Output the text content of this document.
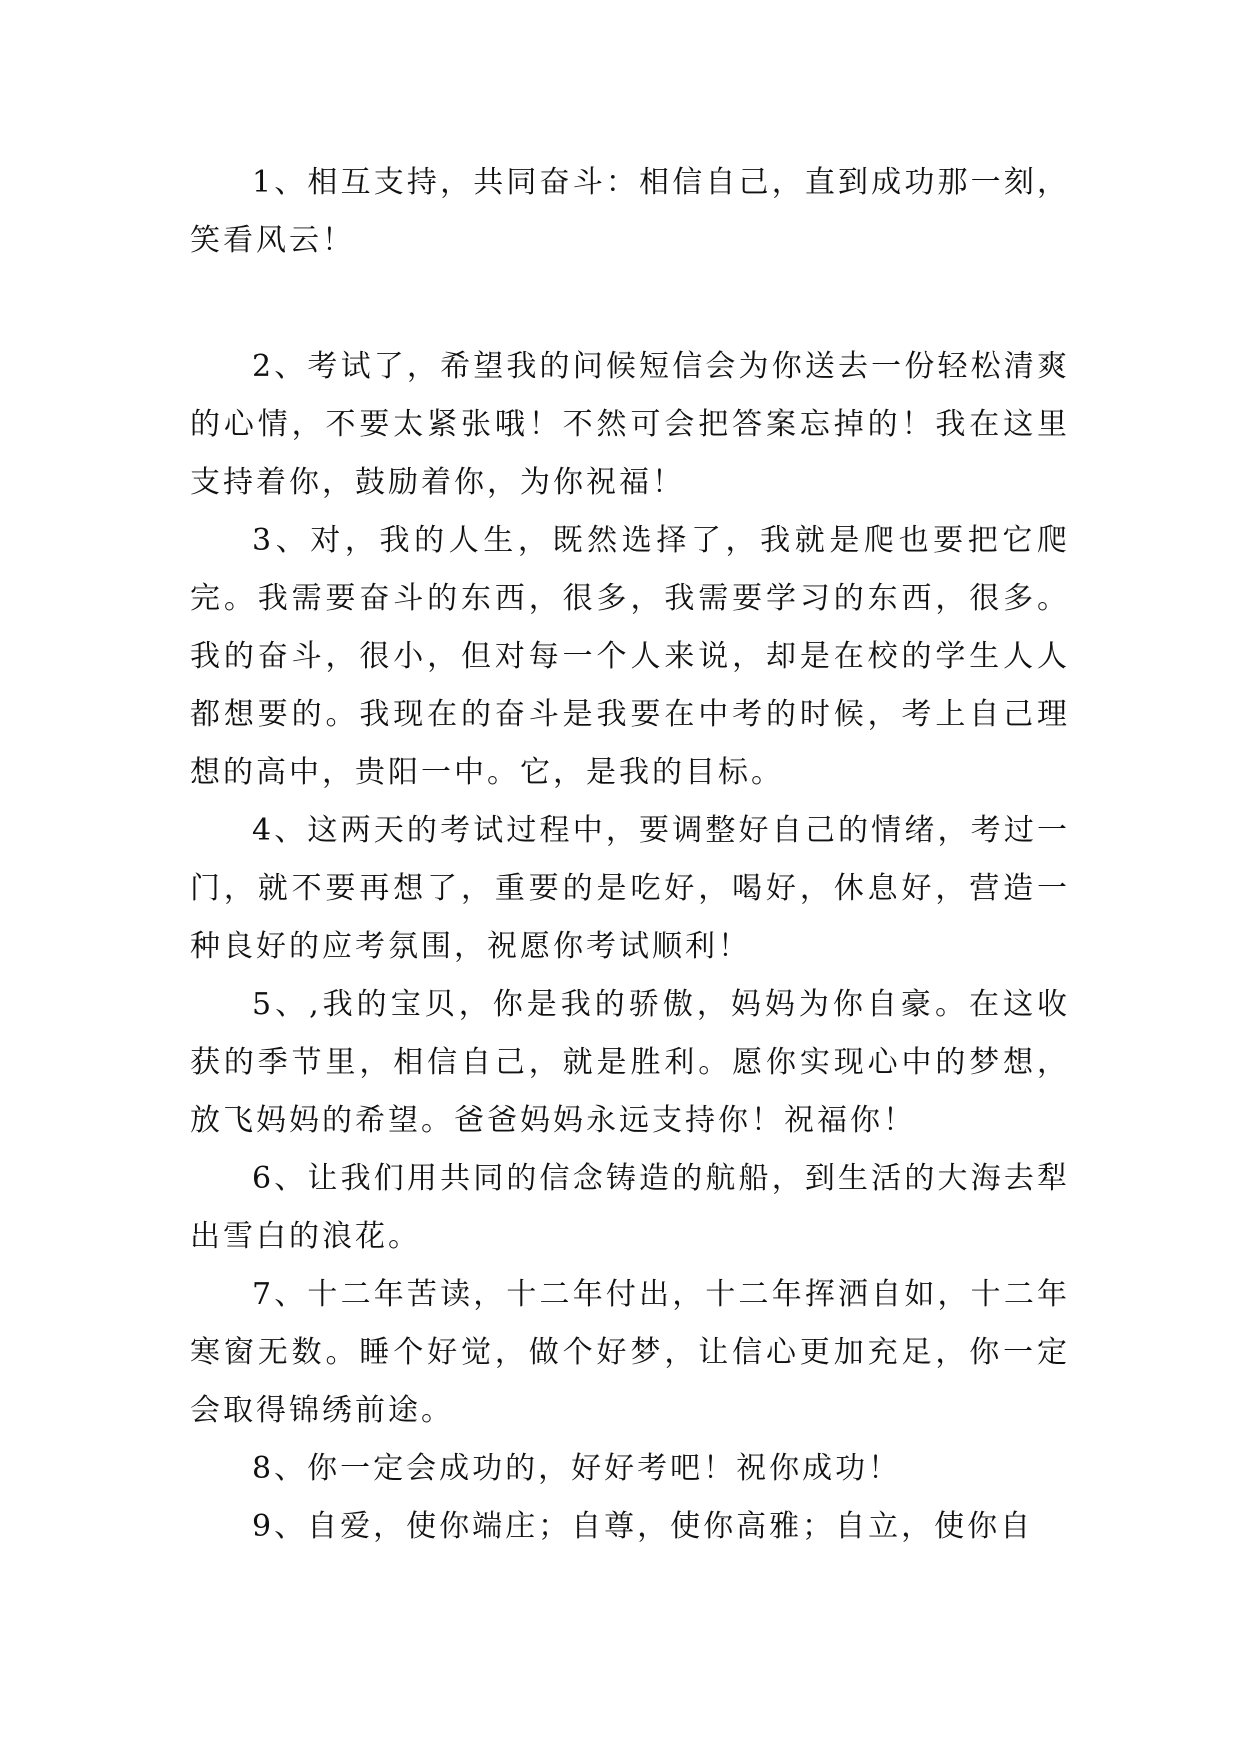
1、相互支持，共同奋斗：相信自己，直到成功那一刻，笑看风云！

2、考试了，希望我的问候短信会为你送去一份轻松清爽的心情，不要太紧张哦！不然可会把答案忘掉的！我在这里支持着你，鼓励着你，为你祝福！

3、对，我的人生，既然选择了，我就是爬也要把它爬完。我需要奋斗的东西，很多，我需要学习的东西，很多。我的奋斗，很小，但对每一个人来说，却是在校的学生人人都想要的。我现在的奋斗是我要在中考的时候，考上自己理想的高中，贵阳一中。它，是我的目标。

4、这两天的考试过程中，要调整好自己的情绪，考过一门，就不要再想了，重要的是吃好，喝好，休息好，营造一种良好的应考氛围，祝愿你考试顺利！

5、,我的宝贝，你是我的骄傲，妈妈为你自豪。在这收获的季节里，相信自己，就是胜利。愿你实现心中的梦想，放飞妈妈的希望。爸爸妈妈永远支持你！祝福你！

6、让我们用共同的信念铸造的航船，到生活的大海去犁出雪白的浪花。

7、十二年苦读，十二年付出，十二年挥洒自如，十二年寒窗无数。睡个好觉，做个好梦，让信心更加充足，你一定会取得锦绣前途。

8、你一定会成功的，好好考吧！祝你成功！

9、自爱，使你端庄；自尊，使你高雅；自立，使你自
